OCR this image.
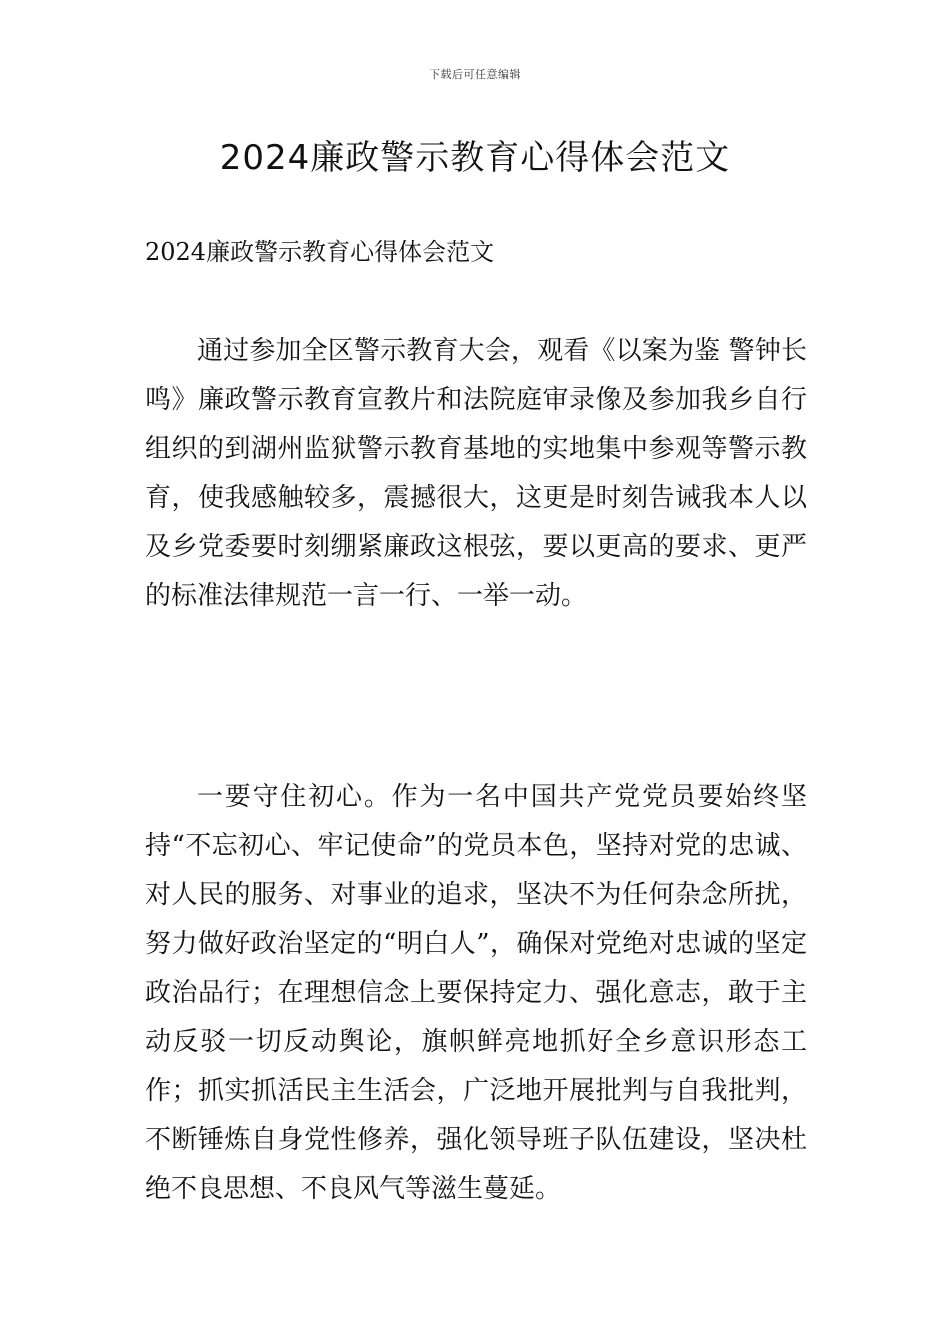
下载后可任意编辑
2024廉政警示教育心得体会范文

2024廉政警示教育心得体会范文

通过参加全区警示教育大会，观看《以案为鉴 警钟长鸣》廉政警示教育宣教片和法院庭审录像及参加我乡自行组织的到湖州监狱警示教育基地的实地集中参观等警示教育，使我感触较多，震撼很大，这更是时刻告诫我本人以及乡党委要时刻绷紧廉政这根弦，要以更高的要求、更严的标准法律规范一言一行、一举一动。

一要守住初心。作为一名中国共产党党员要始终坚持“不忘初心、牢记使命”的党员本色，坚持对党的忠诚、对人民的服务、对事业的追求，坚决不为任何杂念所扰，努力做好政治坚定的“明白人”，确保对党绝对忠诚的坚定政治品行；在理想信念上要保持定力、强化意志，敢于主动反驳一切反动舆论，旗帜鲜亮地抓好全乡意识形态工作；抓实抓活民主生活会，广泛地开展批判与自我批判，不断锤炼自身党性修养，强化领导班子队伍建设，坚决杜绝不良思想、不良风气等滋生蔓延。
